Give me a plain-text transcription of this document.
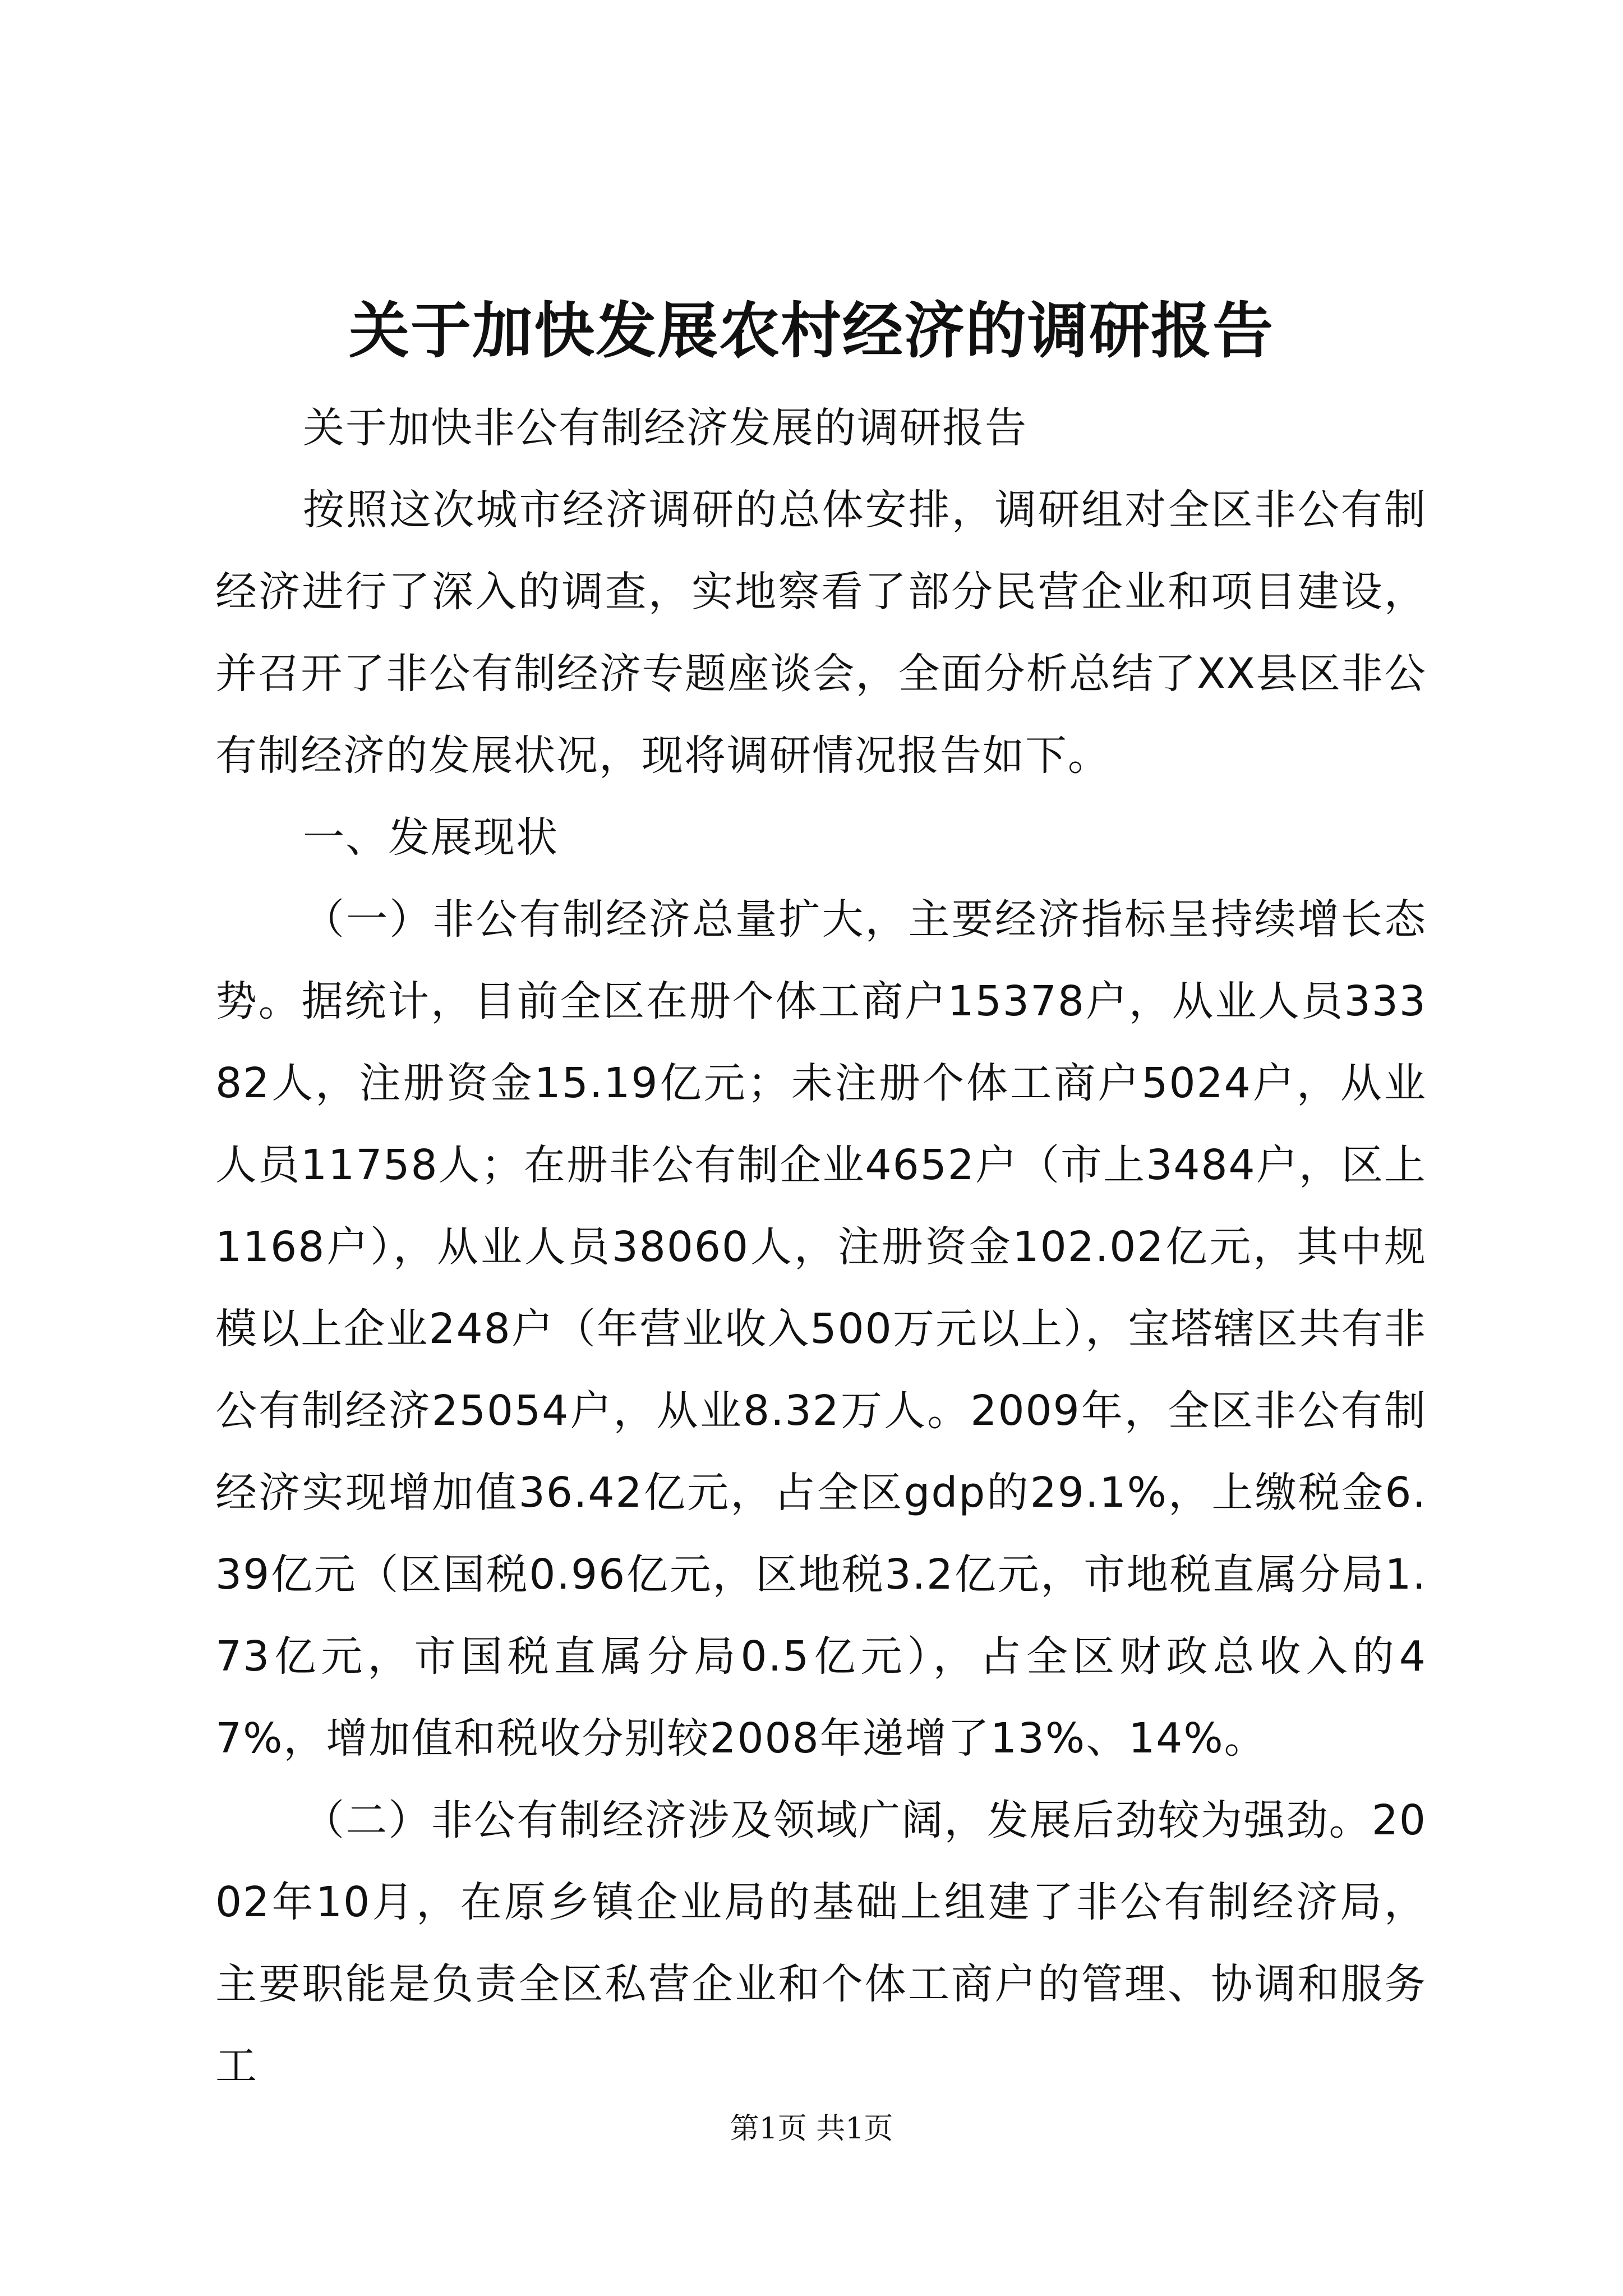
关于加快发展农村经济的调研报告

关于加快非公有制经济发展的调研报告

按照这次城市经济调研的总体安排，调研组对全区非公有制经济进行了深入的调查，实地察看了部分民营企业和项目建设，并召开了非公有制经济专题座谈会，全面分析总结了XX县区非公有制经济的发展状况，现将调研情况报告如下。

一、发展现状

（一）非公有制经济总量扩大，主要经济指标呈持续增长态势。据统计，目前全区在册个体工商户15378户，从业人员33382人，注册资金15.19亿元；未注册个体工商户5024户，从业人员11758人；在册非公有制企业4652户（市上3484户，区上1168户），从业人员38060人，注册资金102.02亿元，其中规模以上企业248户（年营业收入500万元以上），宝塔辖区共有非公有制经济25054户，从业8.32万人。2009年，全区非公有制经济实现增加值36.42亿元，占全区gdp的29.1%，上缴税金6.39亿元（区国税0.96亿元，区地税3.2亿元，市地税直属分局1.73亿元，市国税直属分局0.5亿元），占全区财政总收入的47%，增加值和税收分别较2008年递增了13%、14%。

（二）非公有制经济涉及领域广阔，发展后劲较为强劲。2002年10月，在原乡镇企业局的基础上组建了非公有制经济局，主要职能是负责全区私营企业和个体工商户的管理、协调和服务工

第1页 共1页
